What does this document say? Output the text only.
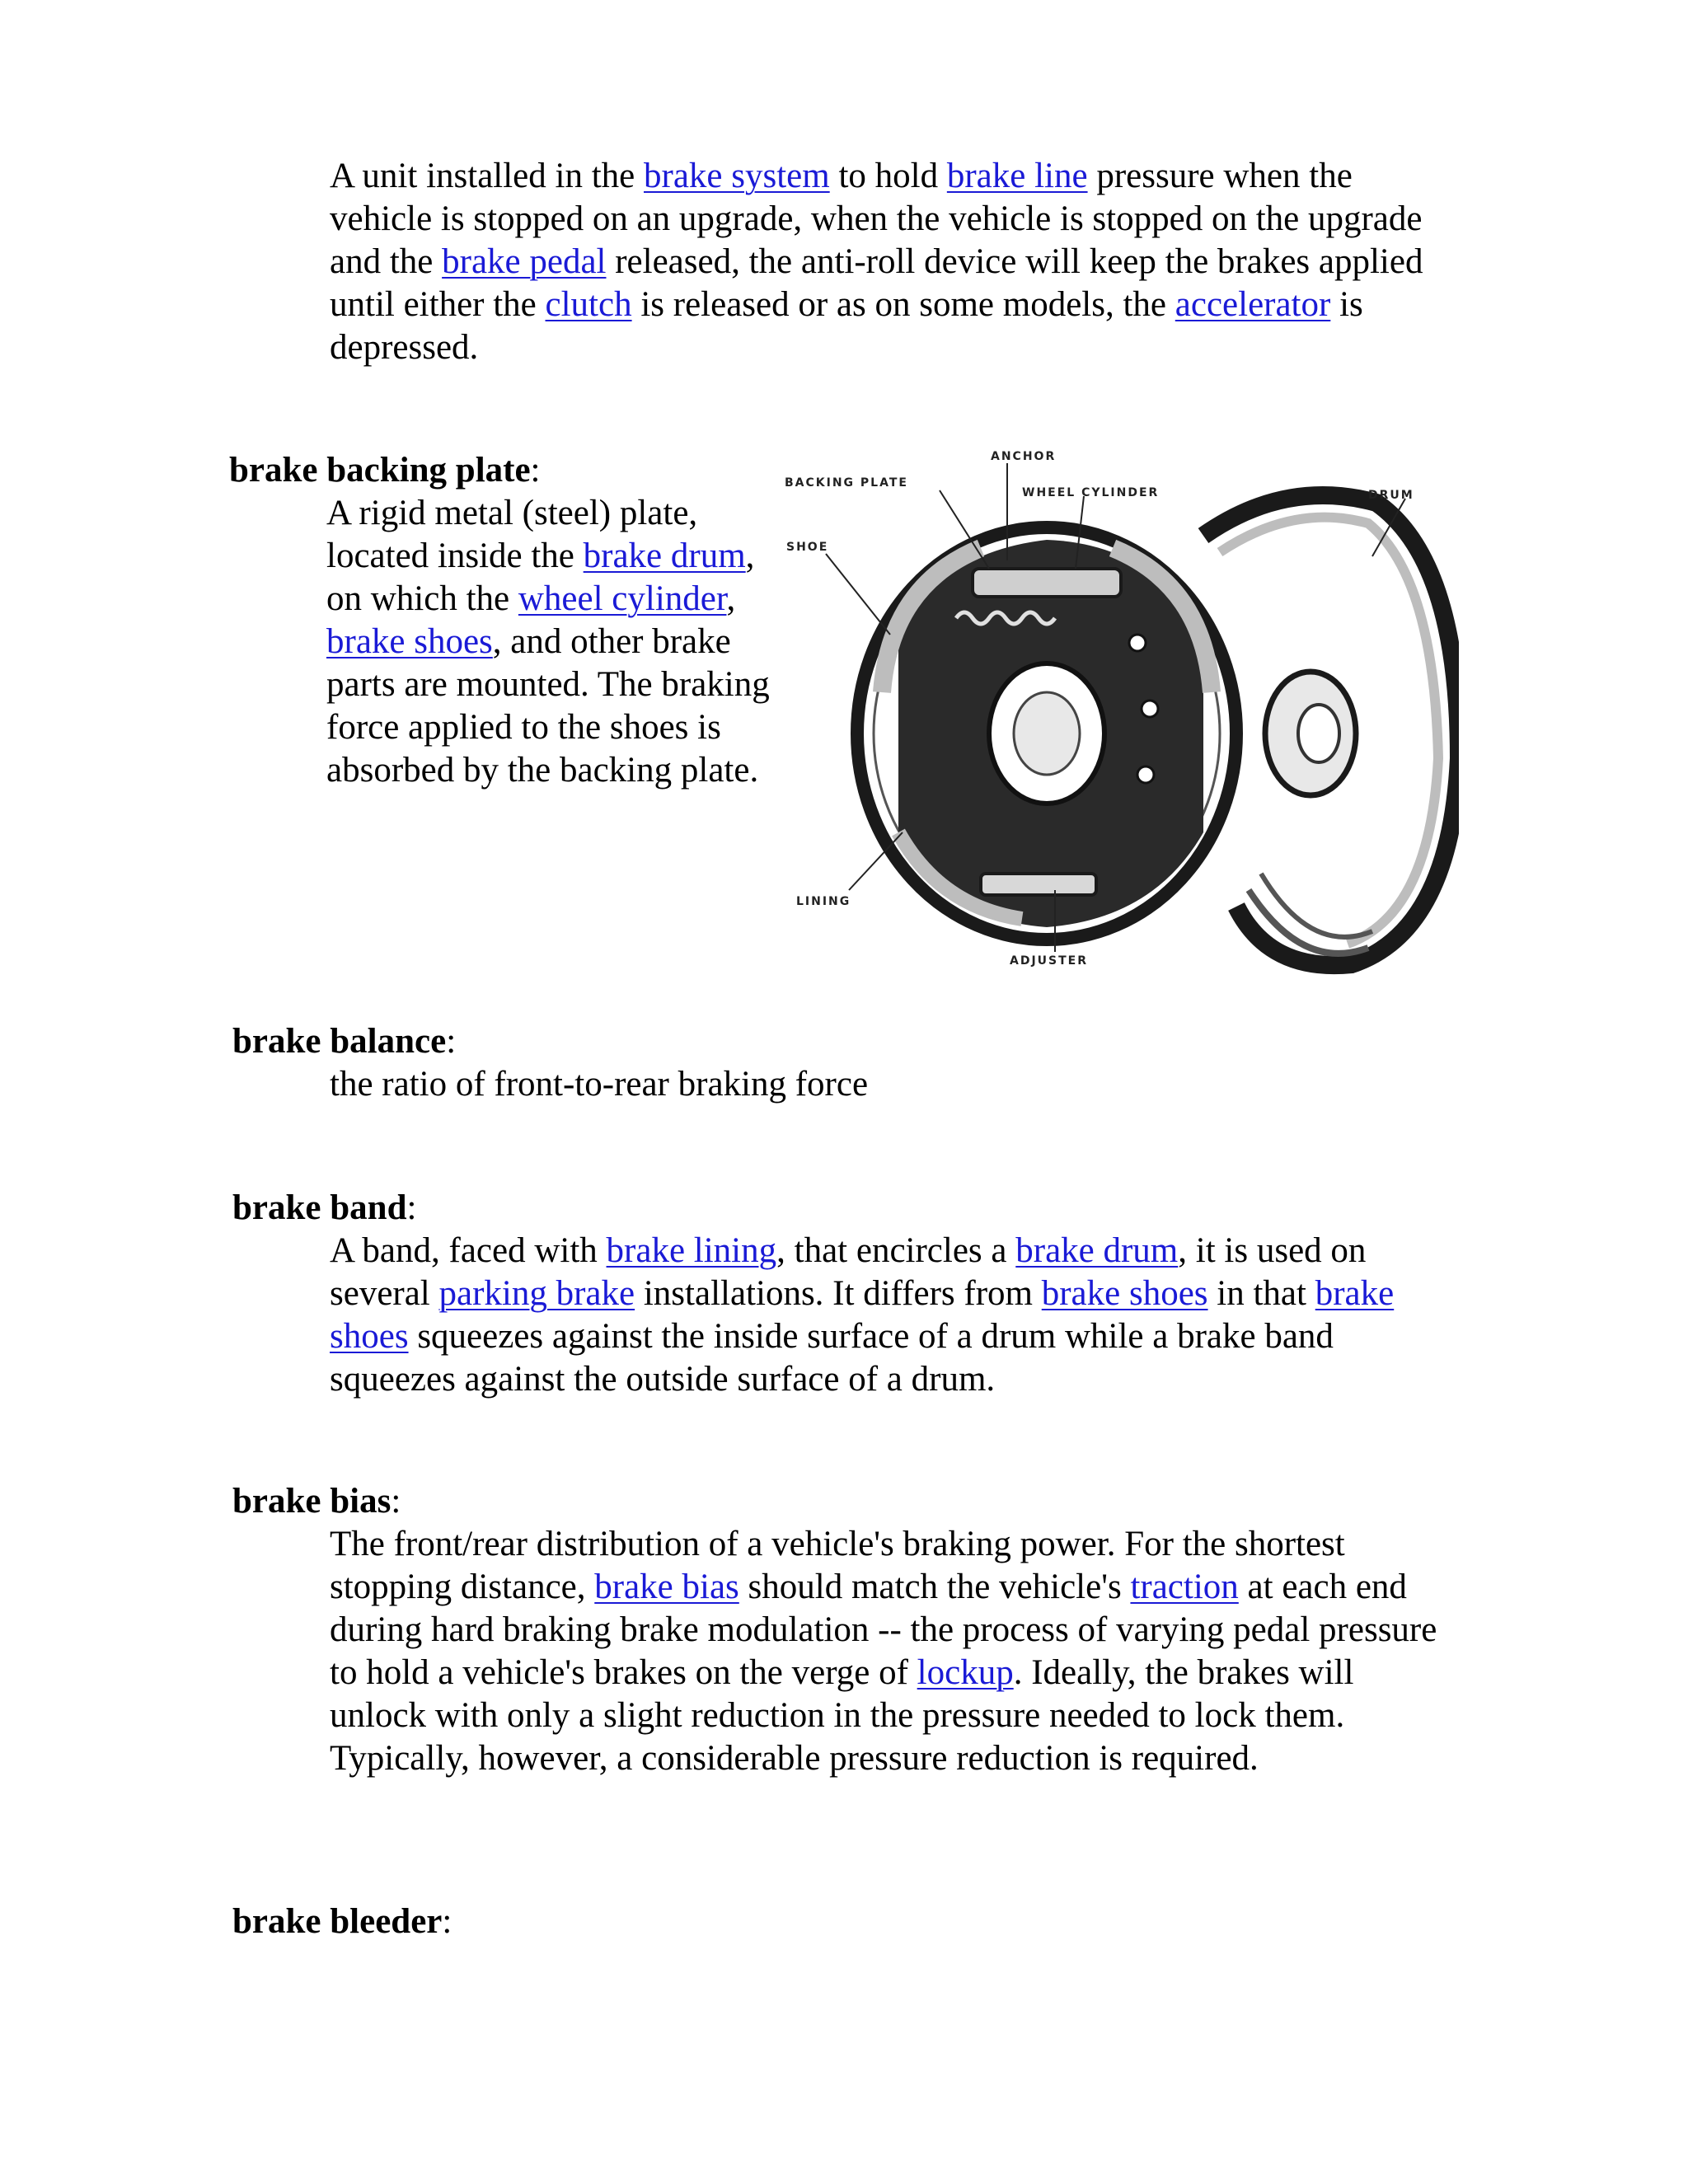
A unit installed in the brake system to hold brake line pressure when the vehicle is stopped on an upgrade, when the vehicle is stopped on the upgrade and the brake pedal released, the anti-roll device will keep the brakes applied until either the clutch is released or as on some models, the accelerator is depressed.

brake backing plate:

A rigid metal (steel) plate, located inside the brake drum, on which the wheel cylinder, brake shoes, and other brake parts are mounted. The braking force applied to the shoes is absorbed by the backing plate.

ANCHOR
BACKING PLATE
WHEEL CYLINDER	DRUM
SHOE
LINING
ADJUSTER

brake balance:

the ratio of front-to-rear braking force

brake band:

A band, faced with brake lining, that encircles a brake drum, it is used on several parking brake installations. It differs from brake shoes in that brake shoes squeezes against the inside surface of a drum while a brake band squeezes against the outside surface of a drum.

brake bias:

The front/rear distribution of a vehicle's braking power. For the shortest stopping distance, brake bias should match the vehicle's traction at each end during hard braking brake modulation -- the process of varying pedal pressure to hold a vehicle's brakes on the verge of lockup. Ideally, the brakes will unlock with only a slight reduction in the pressure needed to lock them. Typically, however, a considerable pressure reduction is required.

brake bleeder:
